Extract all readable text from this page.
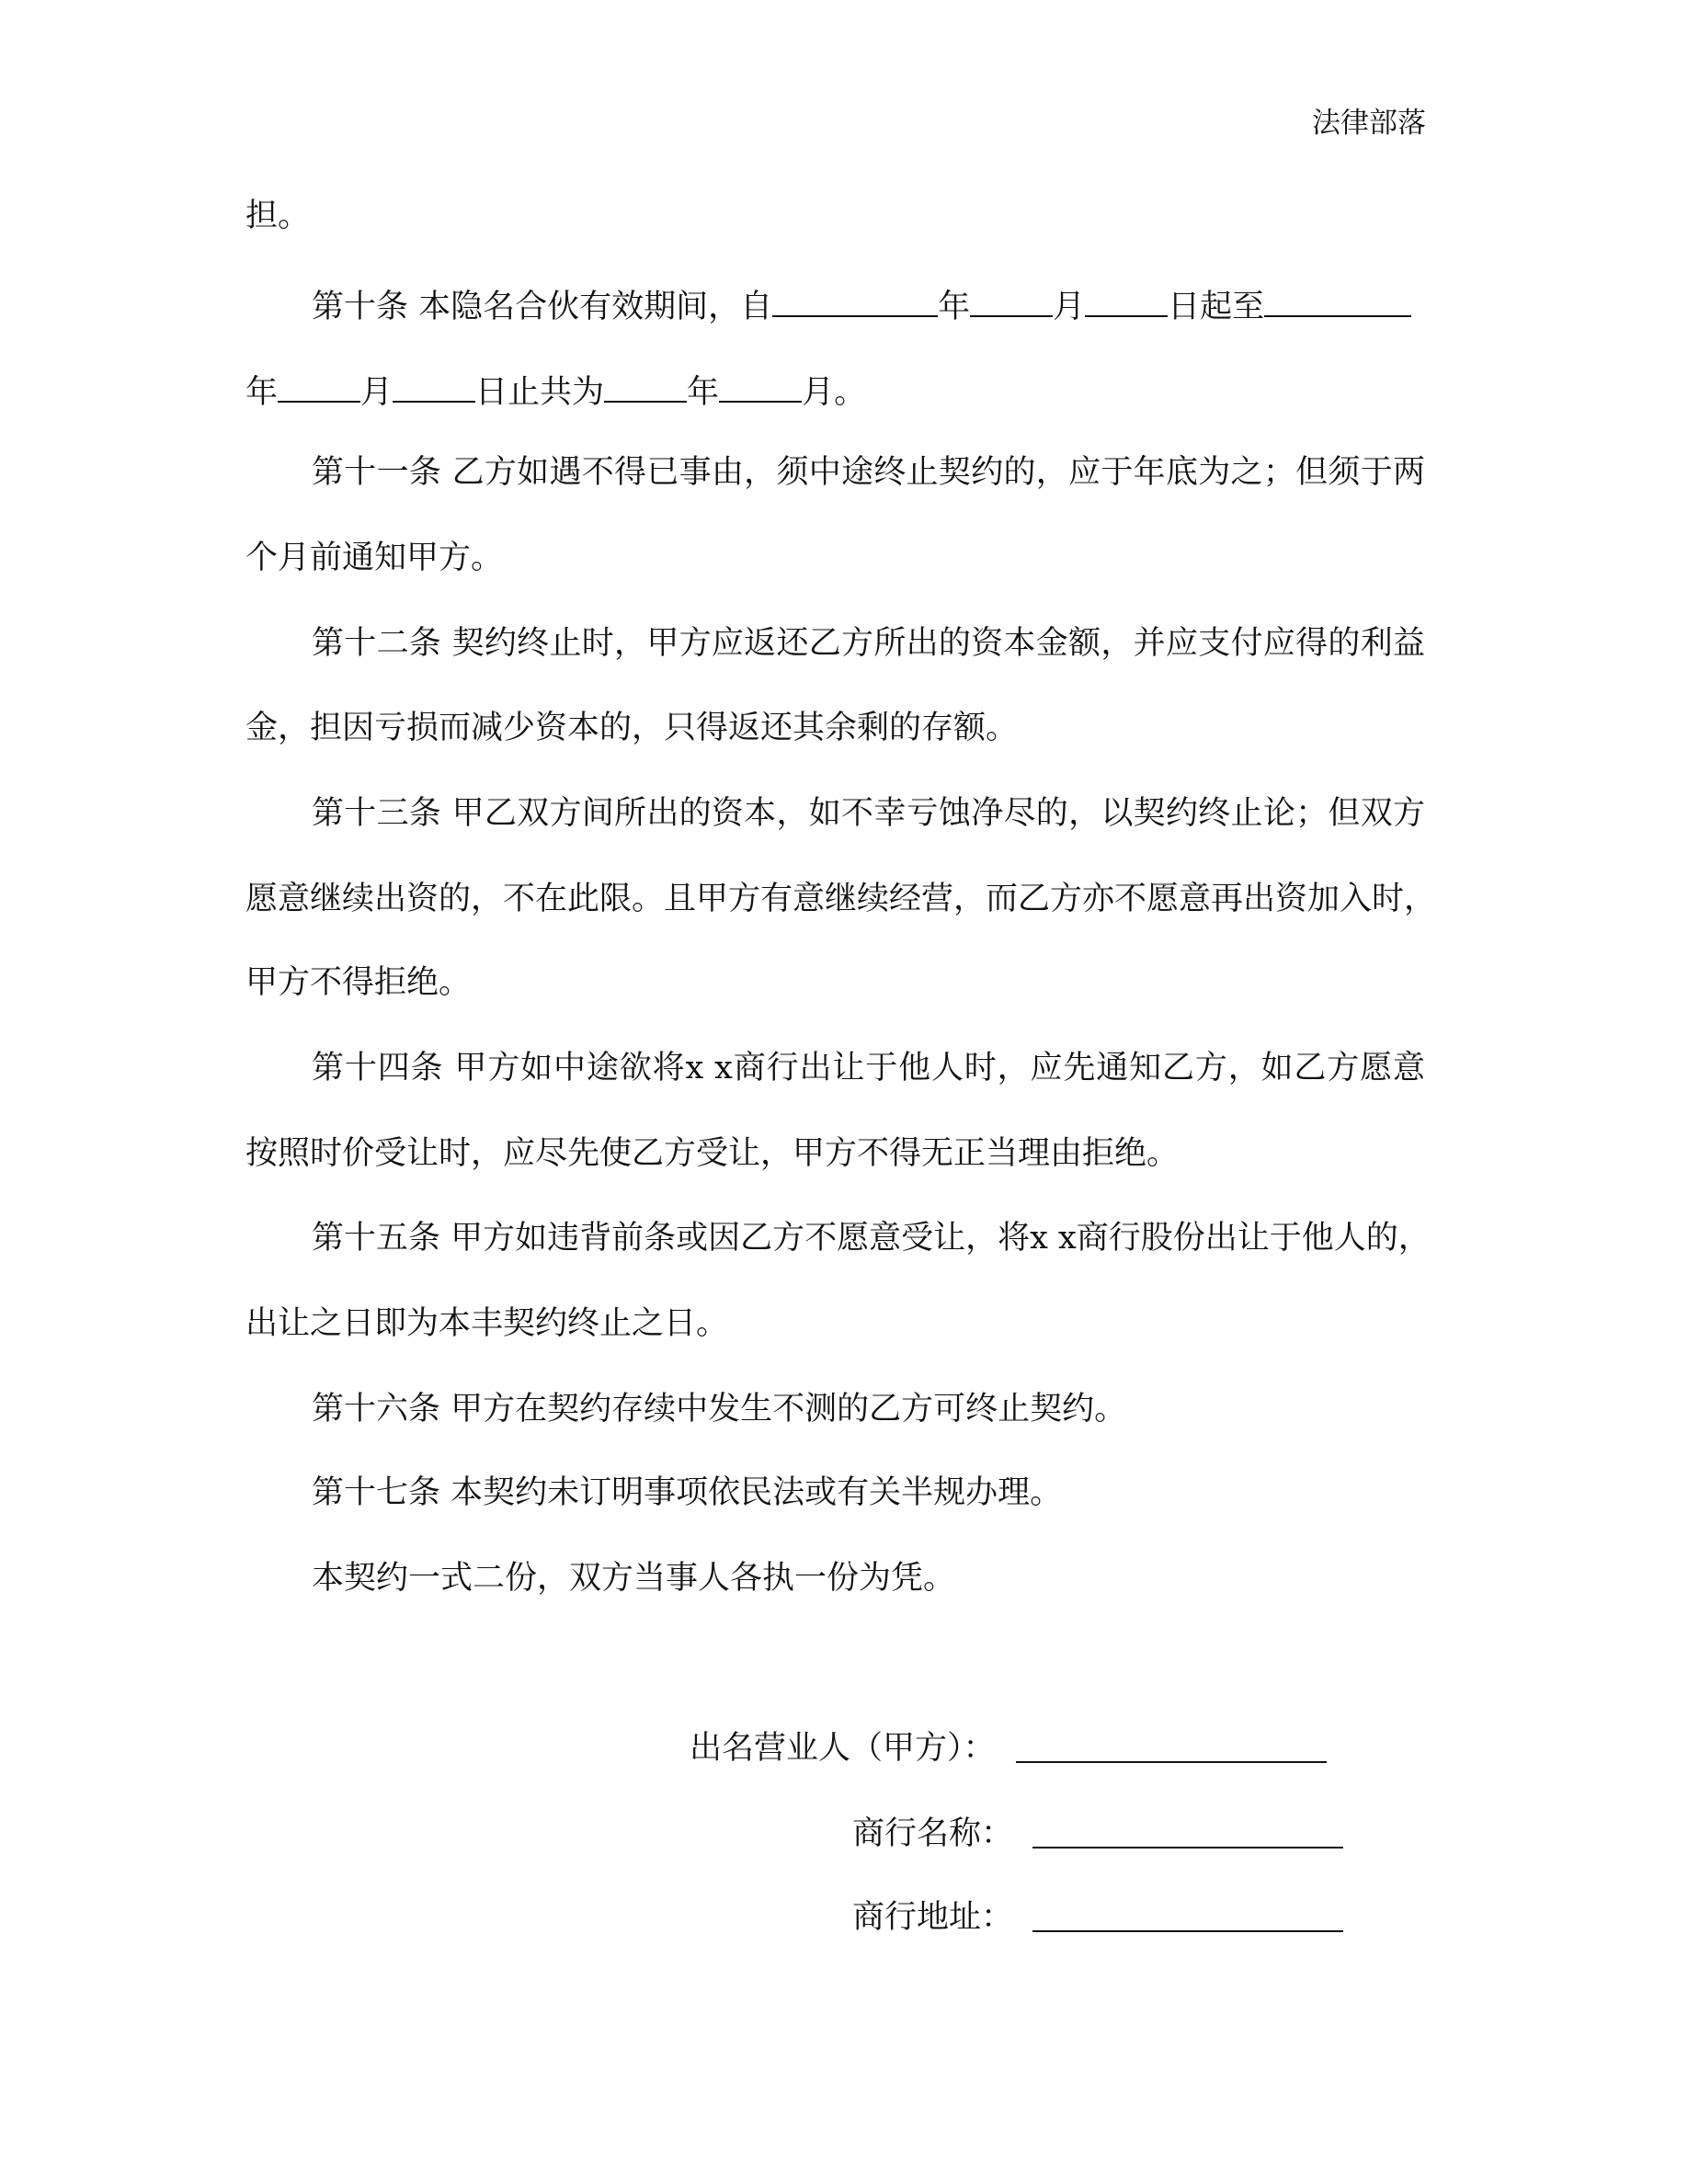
法律部落
担。
第十条 本隐名合伙有效期间，自	年	月	日起至
年	月	日止共为	年	月。
第十一条 乙方如遇不得已事由，须中途终止契约的，应于年底为之；但须于两
个月前通知甲方。
第十二条 契约终止时，甲方应返还乙方所出的资本金额，并应支付应得的利益
金，担因亏损而减少资本的，只得返还其余剩的存额。
第十三条 甲乙双方间所出的资本，如不幸亏蚀净尽的，以契约终止论；但双方
愿意继续出资的，不在此限。且甲方有意继续经营，而乙方亦不愿意再出资加入时，
甲方不得拒绝。
第十四条 甲方如中途欲将x x商行出让于他人时，应先通知乙方，如乙方愿意
按照时价受让时，应尽先使乙方受让，甲方不得无正当理由拒绝。
第十五条 甲方如违背前条或因乙方不愿意受让，将x x商行股份出让于他人的，
出让之日即为本丰契约终止之日。
第十六条 甲方在契约存续中发生不测的乙方可终止契约。
第十七条 本契约未订明事项依民法或有关半规办理。
本契约一式二份，双方当事人各执一份为凭。
出名营业人（甲方）：
商行名称：
商行地址：
